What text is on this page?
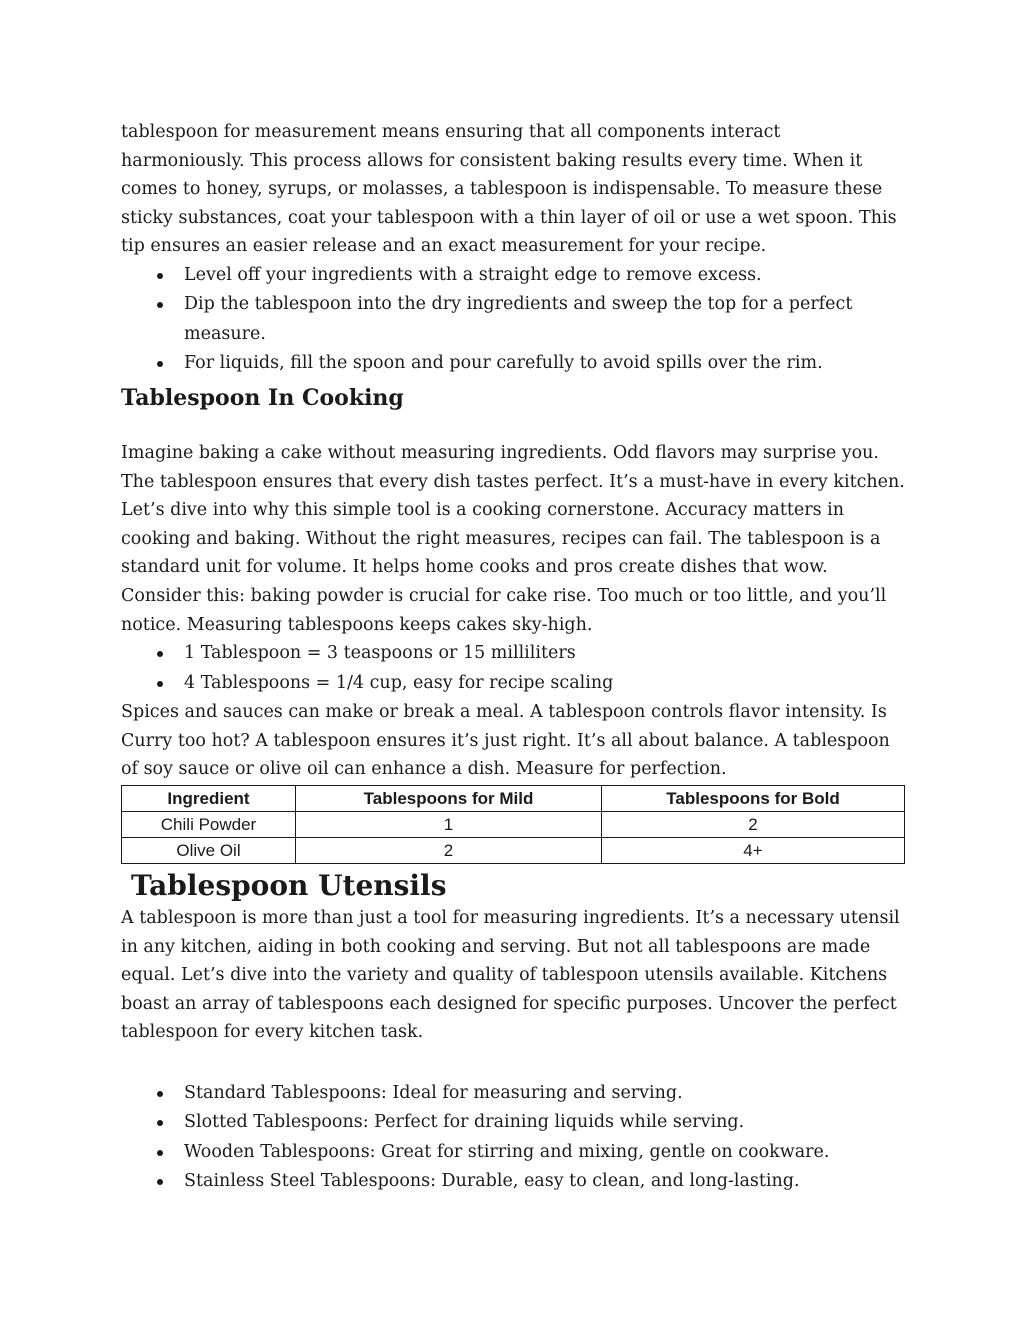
tablespoon for measurement means ensuring that all components interact harmoniously. This process allows for consistent baking results every time. When it comes to honey, syrups, or molasses, a tablespoon is indispensable. To measure these sticky substances, coat your tablespoon with a thin layer of oil or use a wet spoon. This tip ensures an easier release and an exact measurement for your recipe.

Level off your ingredients with a straight edge to remove excess.
Dip the tablespoon into the dry ingredients and sweep the top for a perfect measure.
For liquids, fill the spoon and pour carefully to avoid spills over the rim.
Tablespoon In Cooking

Imagine baking a cake without measuring ingredients. Odd flavors may surprise you. The tablespoon ensures that every dish tastes perfect. It’s a must-have in every kitchen. Let’s dive into why this simple tool is a cooking cornerstone. Accuracy matters in cooking and baking. Without the right measures, recipes can fail. The tablespoon is a standard unit for volume. It helps home cooks and pros create dishes that wow. Consider this: baking powder is crucial for cake rise. Too much or too little, and you’ll notice. Measuring tablespoons keeps cakes sky-high.

1 Tablespoon = 3 teaspoons or 15 milliliters
4 Tablespoons = 1/4 cup, easy for recipe scaling

Spices and sauces can make or break a meal. A tablespoon controls flavor intensity. Is Curry too hot? A tablespoon ensures it’s just right. It’s all about balance. A tablespoon of soy sauce or olive oil can enhance a dish. Measure for perfection.

Ingredient	Tablespoons for Mild	Tablespoons for Bold
Chili Powder	1	2
Olive Oil	2	4+
Tablespoon Utensils

A tablespoon is more than just a tool for measuring ingredients. It’s a necessary utensil in any kitchen, aiding in both cooking and serving. But not all tablespoons are made equal. Let’s dive into the variety and quality of tablespoon utensils available. Kitchens boast an array of tablespoons each designed for specific purposes. Uncover the perfect tablespoon for every kitchen task.

Standard Tablespoons: Ideal for measuring and serving.
Slotted Tablespoons: Perfect for draining liquids while serving.
Wooden Tablespoons: Great for stirring and mixing, gentle on cookware.
Stainless Steel Tablespoons: Durable, easy to clean, and long-lasting.
